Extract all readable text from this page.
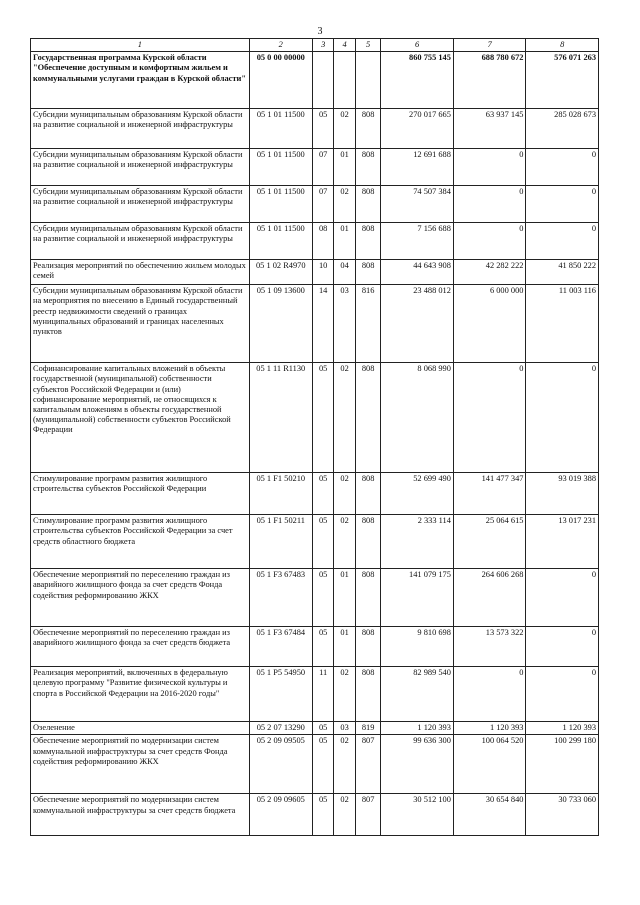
3
1	2	3	4	5	6	7	8
Государственная программа Курской области "Обеспечение доступным и комфортным жильем и коммунальными услугами граждан в Курской области"	05 0 00 00000				860 755 145	688 780 672	576 071 263
Субсидии муниципальным образованиям Курской области на развитие социальной и инженерной инфраструктуры	05 1 01 11500	05	02	808	270 017 665	63 937 145	285 028 673
Субсидии муниципальным образованиям Курской области на развитие социальной и инженерной инфраструктуры	05 1 01 11500	07	01	808	12 691 688	0	0
Субсидии муниципальным образованиям Курской области на развитие социальной и инженерной инфраструктуры	05 1 01 11500	07	02	808	74 507 384	0	0
Субсидии муниципальным образованиям Курской области на развитие социальной и инженерной инфраструктуры	05 1 01 11500	08	01	808	7 156 688	0	0
Реализация мероприятий по обеспечению жильем молодых семей	05 1 02 R4970	10	04	808	44 643 908	42 282 222	41 850 222
Субсидии муниципальным образованиям Курской области на мероприятия по внесению в Единый государственный реестр недвижимости сведений о границах муниципальных образований и границах населенных пунктов	05 1 09 13600	14	03	816	23 488 012	6 000 000	11 003 116
Софинансирование капитальных вложений в объекты государственной (муниципальной) собственности субъектов Российской Федерации и (или) софинансирование мероприятий, не относящихся к капитальным вложениям в объекты государственной (муниципальной) собственности субъектов Российской Федерации	05 1 11 R1130	05	02	808	8 068 990	0	0
Стимулирование программ развития жилищного строительства субъектов Российской Федерации	05 1 F1 50210	05	02	808	52 699 490	141 477 347	93 019 388
Стимулирование программ развития жилищного строительства субъектов Российской Федерации за счет средств областного бюджета	05 1 F1 50211	05	02	808	2 333 114	25 064 615	13 017 231
Обеспечение мероприятий по переселению граждан из аварийного жилищного фонда за счет средств Фонда содействия реформированию ЖКХ	05 1 F3 67483	05	01	808	141 079 175	264 606 268	0
Обеспечение мероприятий по переселению граждан из аварийного жилищного фонда за счет средств бюджета	05 1 F3 67484	05	01	808	9 810 698	13 573 322	0
Реализация мероприятий, включенных в федеральную целевую программу "Развитие физической культуры и спорта в Российской Федерации на 2016-2020 годы"	05 1 P5 54950	11	02	808	82 989 540	0	0
Озеленение	05 2 07 13290	05	03	819	1 120 393	1 120 393	1 120 393
Обеспечение мероприятий по модернизации систем коммунальной инфраструктуры за счет средств Фонда содействия реформированию ЖКХ	05 2 09 09505	05	02	807	99 636 300	100 064 520	100 299 180
Обеспечение мероприятий по модернизации систем коммунальной инфраструктуры за счет средств бюджета	05 2 09 09605	05	02	807	30 512 100	30 654 840	30 733 060
